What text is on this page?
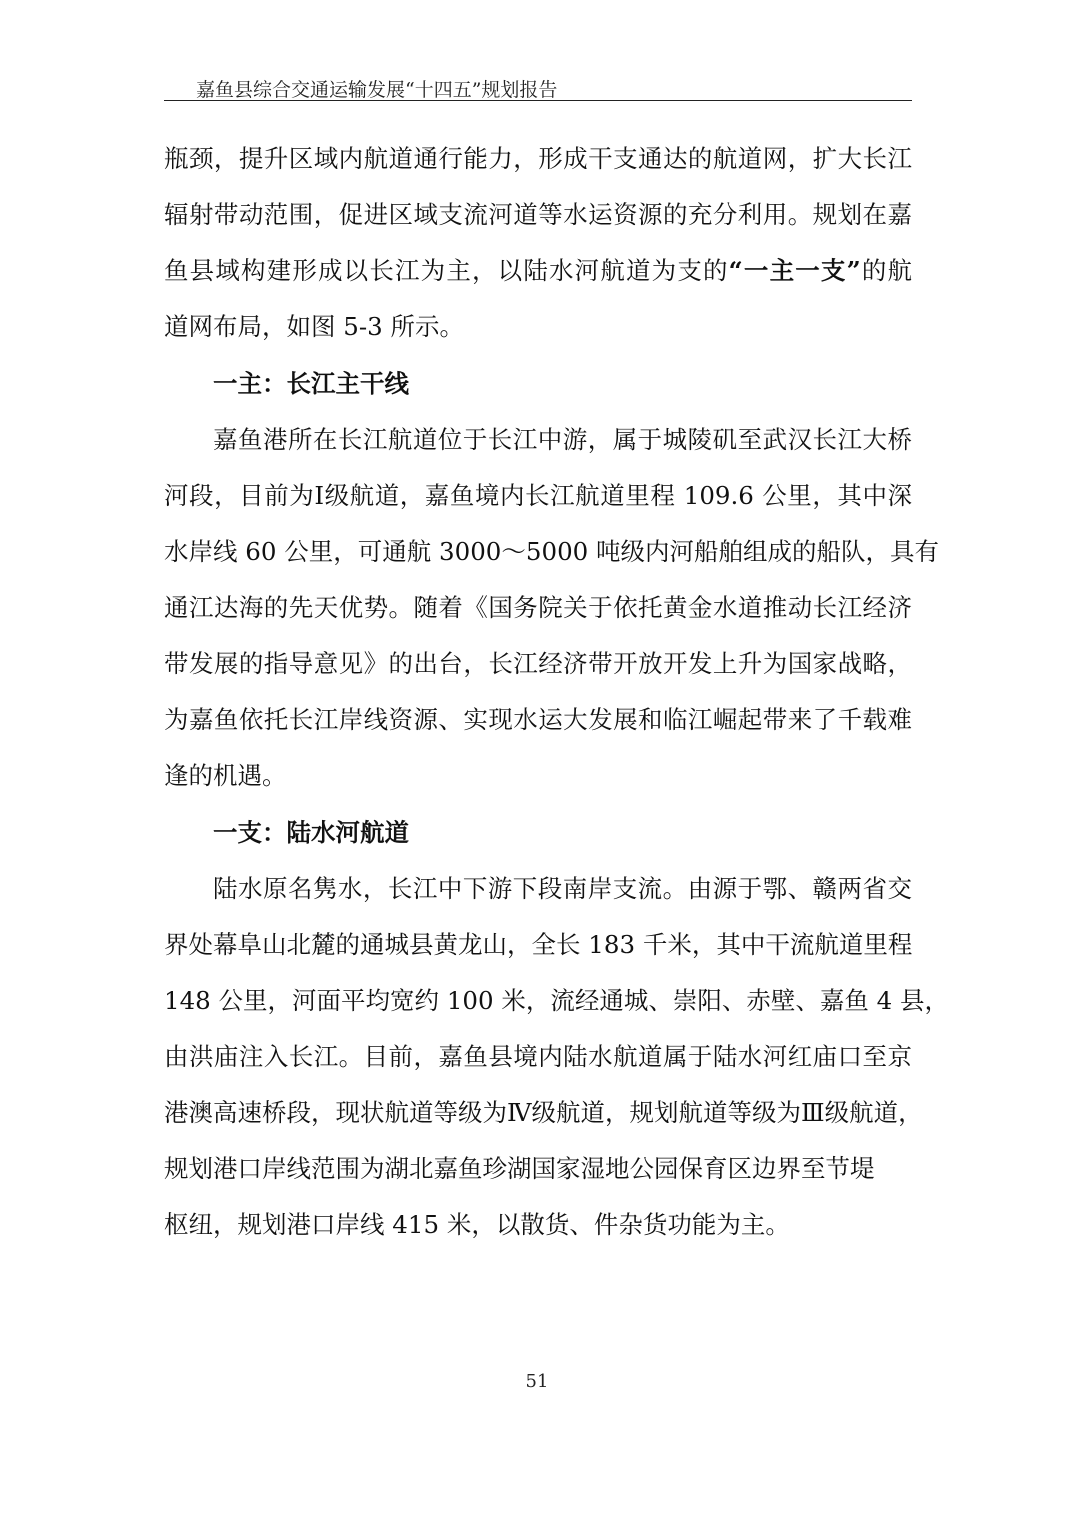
嘉鱼县综合交通运输发展“十四五”规划报告
瓶颈，提升区域内航道通行能力，形成干支通达的航道网，扩大长江
辐射带动范围，促进区域支流河道等水运资源的充分利用。规划在嘉
鱼县域构建形成以长江为主，以陆水河航道为支的“一主一支”的航
道网布局，如图 5-3 所示。
一主：长江主干线
嘉鱼港所在长江航道位于长江中游，属于城陵矶至武汉长江大桥
河段，目前为Ⅰ级航道，嘉鱼境内长江航道里程 109.6 公里，其中深
水岸线 60 公里，可通航 3000～5000 吨级内河船舶组成的船队，具有
通江达海的先天优势。随着《国务院关于依托黄金水道推动长江经济
带发展的指导意见》的出台，长江经济带开放开发上升为国家战略，
为嘉鱼依托长江岸线资源、实现水运大发展和临江崛起带来了千载难
逢的机遇。
一支：陆水河航道
陆水原名隽水，长江中下游下段南岸支流。由源于鄂、赣两省交
界处幕阜山北麓的通城县黄龙山，全长 183 千米，其中干流航道里程
148 公里，河面平均宽约 100 米，流经通城、崇阳、赤壁、嘉鱼 4 县，
由洪庙注入长江。目前，嘉鱼县境内陆水航道属于陆水河红庙口至京
港澳高速桥段，现状航道等级为Ⅳ级航道，规划航道等级为Ⅲ级航道，
规划港口岸线范围为湖北嘉鱼珍湖国家湿地公园保育区边界至节堤
枢纽，规划港口岸线 415 米，以散货、件杂货功能为主。
51
